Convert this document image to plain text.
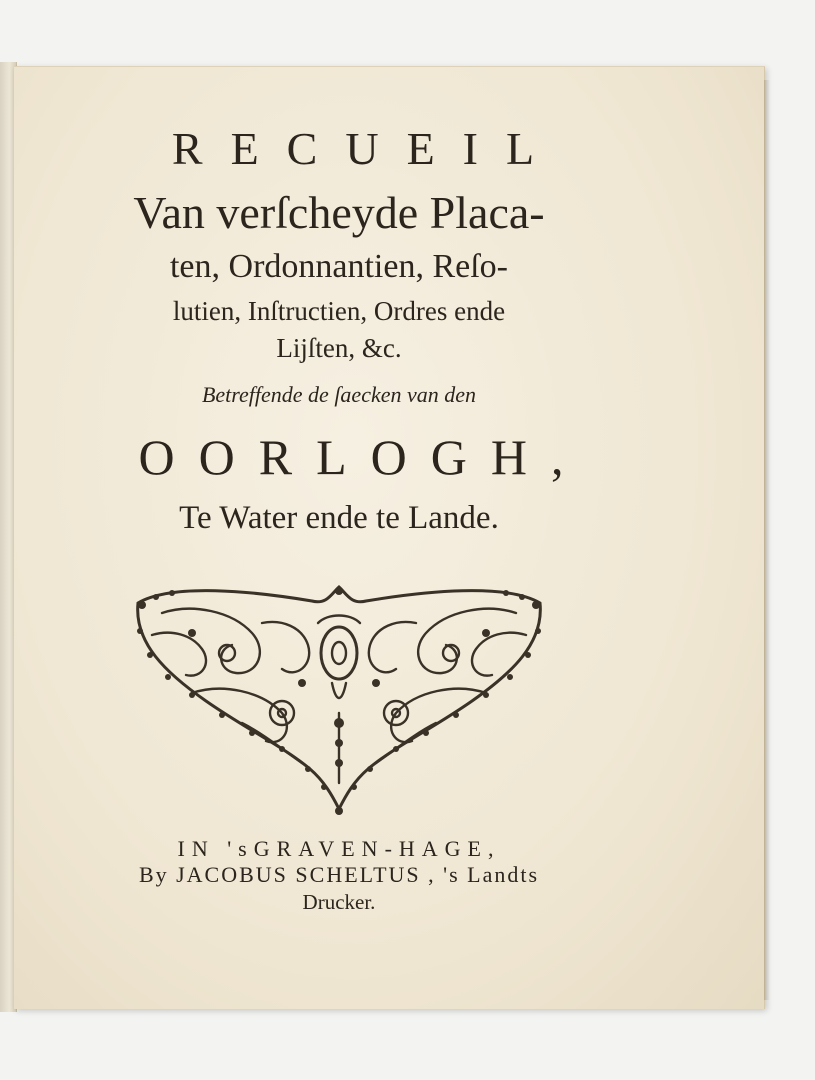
RECUEIL
Van verſcheyde Placa-
ten, Ordonnantien, Reſo-
lutien, Inſtructien, Ordres ende
Lijſten, &c.
Betreffende de ſaecken van den
OORLOGH,
Te Water ende te Lande.
IN 'sGRAVEN-HAGE,
By JACOBUS SCHELTUS , 's Landts
Drucker.
